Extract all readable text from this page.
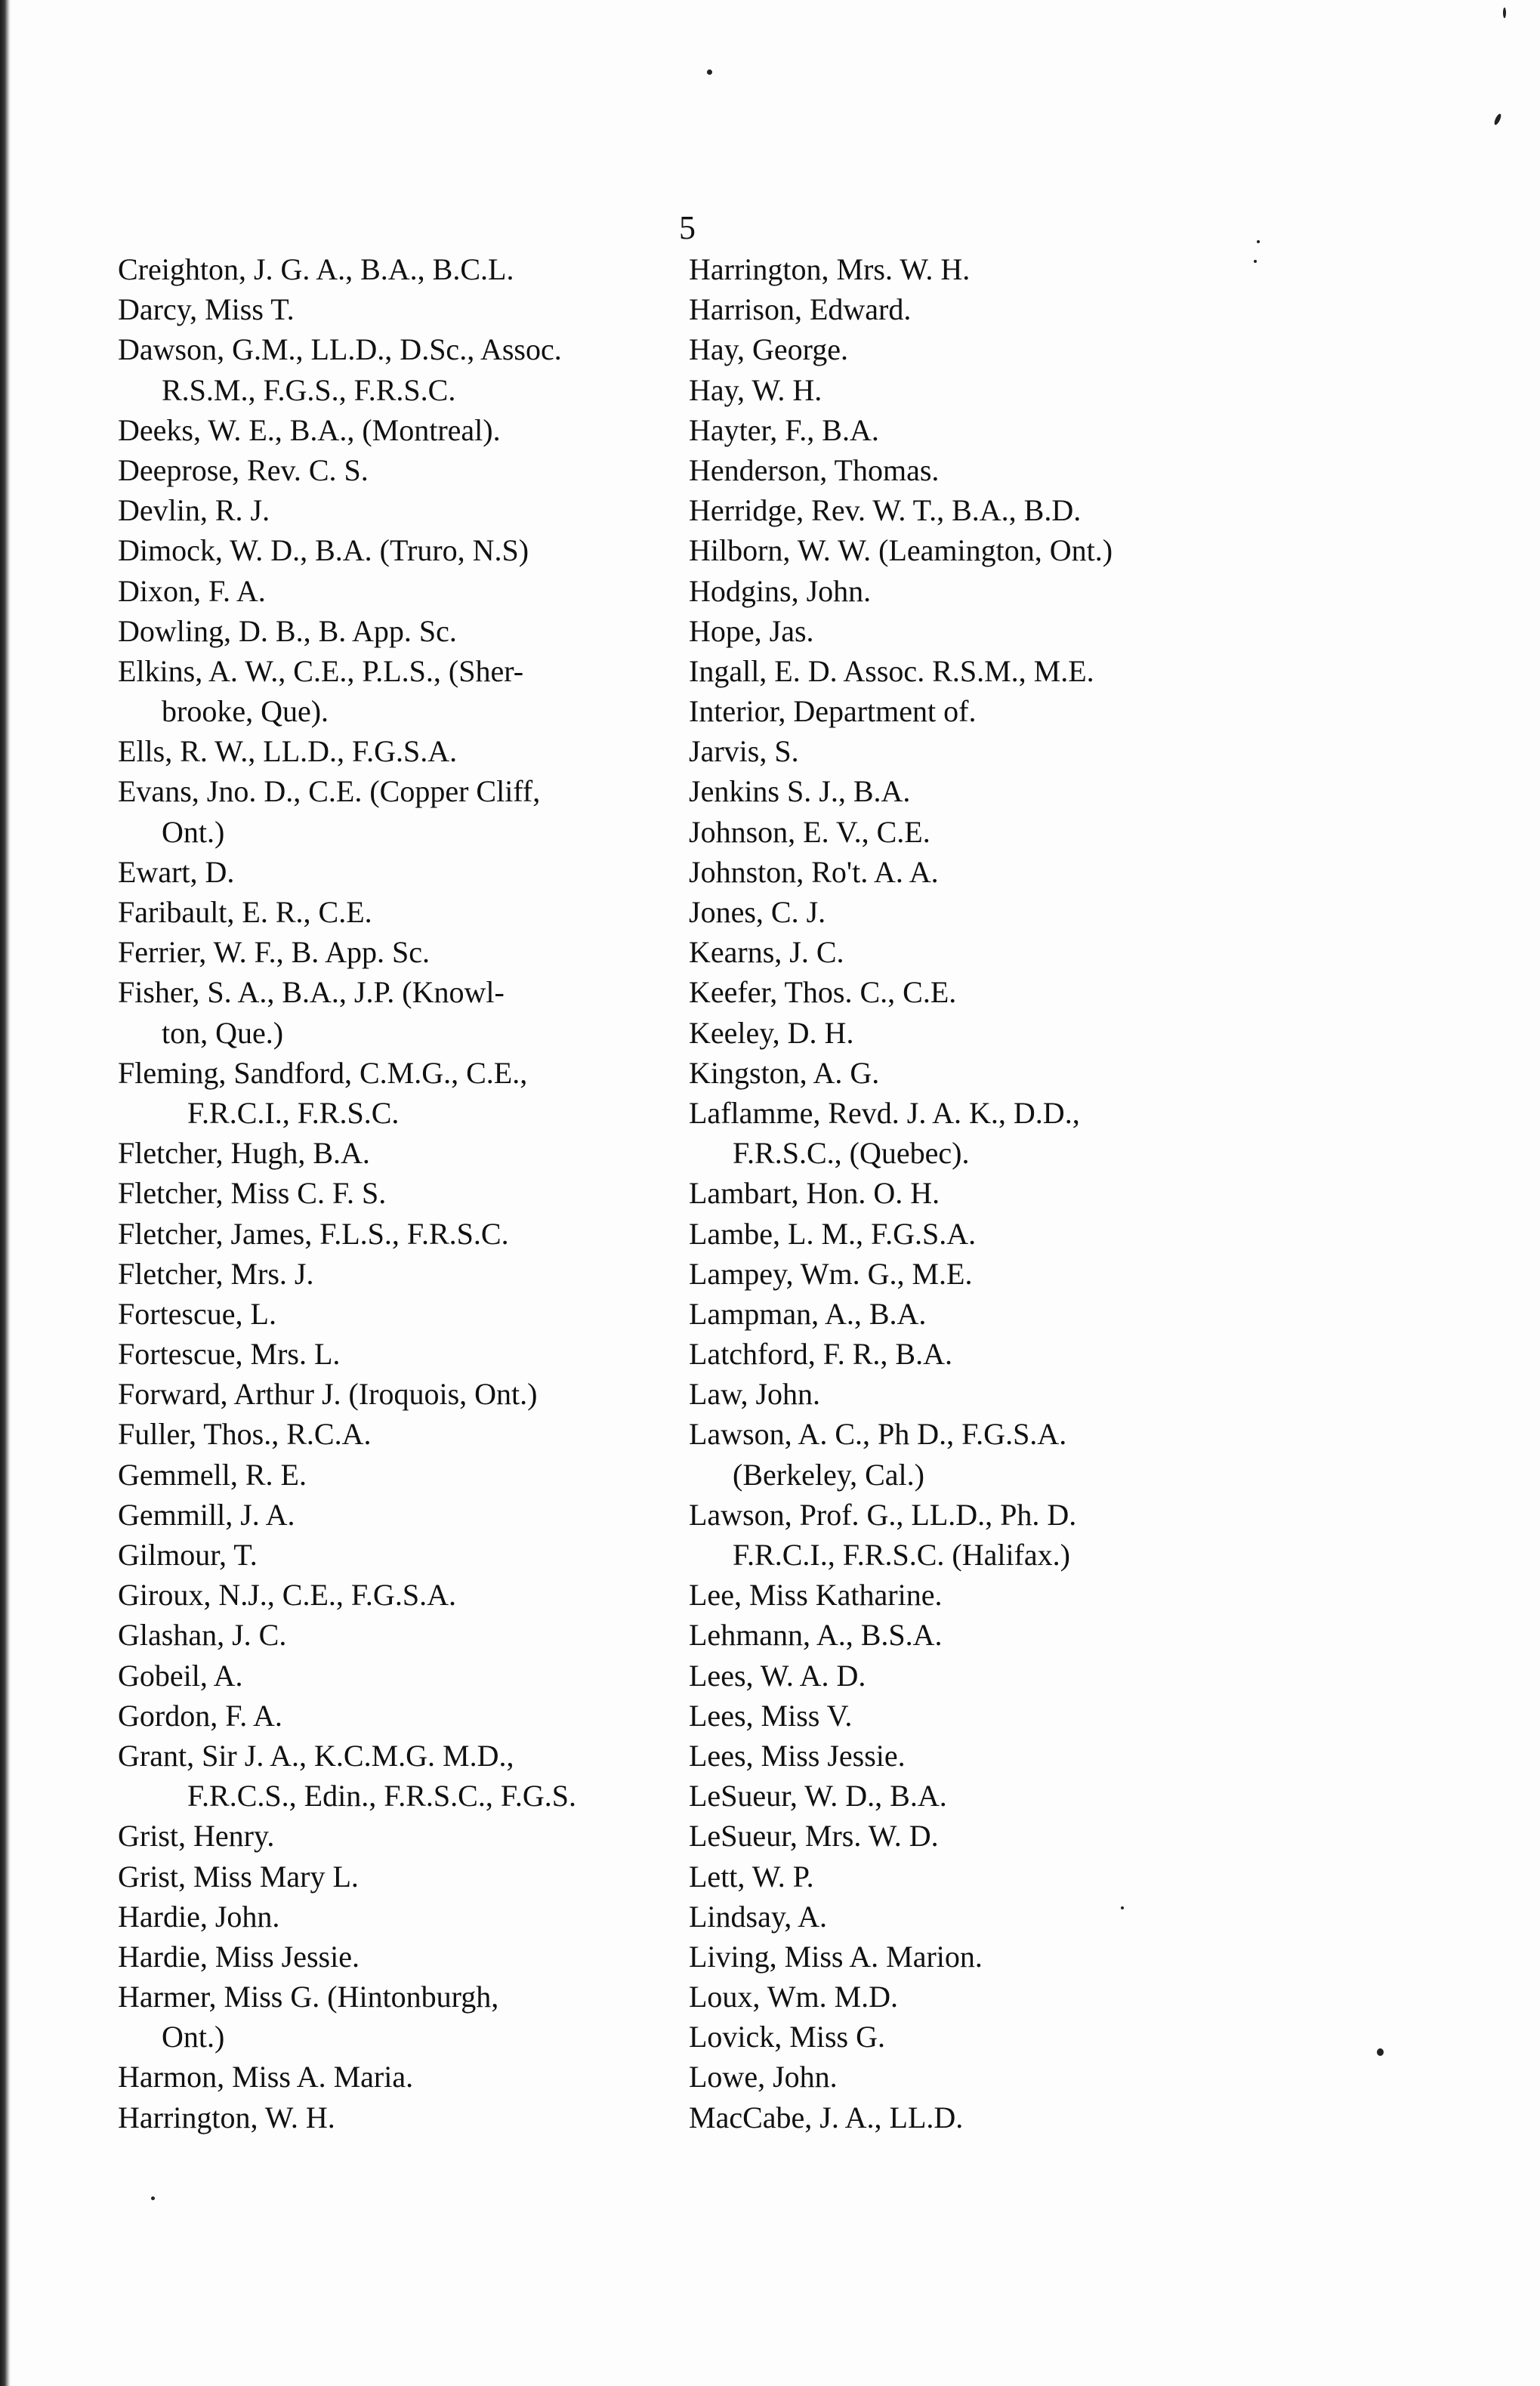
5
Creighton, J. G. A., B.A., B.C.L.
Darcy, Miss T.
Dawson, G.M., LL.D., D.Sc., Assoc.
R.S.M., F.G.S., F.R.S.C.
Deeks, W. E., B.A., (Montreal).
Deeprose, Rev. C. S.
Devlin, R. J.
Dimock, W. D., B.A. (Truro, N.S)
Dixon, F. A.
Dowling, D. B., B. App. Sc.
Elkins, A. W., C.E., P.L.S., (Sher-
brooke, Que).
Ells, R. W., LL.D., F.G.S.A.
Evans, Jno. D., C.E. (Copper Cliff,
Ont.)
Ewart, D.
Faribault, E. R., C.E.
Ferrier, W. F., B. App. Sc.
Fisher, S. A., B.A., J.P. (Knowl-
ton, Que.)
Fleming, Sandford, C.M.G., C.E.,
F.R.C.I., F.R.S.C.
Fletcher, Hugh, B.A.
Fletcher, Miss C. F. S.
Fletcher, James, F.L.S., F.R.S.C.
Fletcher, Mrs. J.
Fortescue, L.
Fortescue, Mrs. L.
Forward, Arthur J. (Iroquois, Ont.)
Fuller, Thos., R.C.A.
Gemmell, R. E.
Gemmill, J. A.
Gilmour, T.
Giroux, N.J., C.E., F.G.S.A.
Glashan, J. C.
Gobeil, A.
Gordon, F. A.
Grant, Sir J. A., K.C.M.G. M.D.,
F.R.C.S., Edin., F.R.S.C., F.G.S.
Grist, Henry.
Grist, Miss Mary L.
Hardie, John.
Hardie, Miss Jessie.
Harmer, Miss G. (Hintonburgh,
Ont.)
Harmon, Miss A. Maria.
Harrington, W. H.
Harrington, Mrs. W. H.
Harrison, Edward.
Hay, George.
Hay, W. H.
Hayter, F., B.A.
Henderson, Thomas.
Herridge, Rev. W. T., B.A., B.D.
Hilborn, W. W. (Leamington, Ont.)
Hodgins, John.
Hope, Jas.
Ingall, E. D. Assoc. R.S.M., M.E.
Interior, Department of.
Jarvis, S.
Jenkins S. J., B.A.
Johnson, E. V., C.E.
Johnston, Ro't. A. A.
Jones, C. J.
Kearns, J. C.
Keefer, Thos. C., C.E.
Keeley, D. H.
Kingston, A. G.
Laflamme, Revd. J. A. K., D.D.,
F.R.S.C., (Quebec).
Lambart, Hon. O. H.
Lambe, L. M., F.G.S.A.
Lampey, Wm. G., M.E.
Lampman, A., B.A.
Latchford, F. R., B.A.
Law, John.
Lawson, A. C., Ph D., F.G.S.A.
(Berkeley, Cal.)
Lawson, Prof. G., LL.D., Ph. D.
F.R.C.I., F.R.S.C. (Halifax.)
Lee, Miss Katharine.
Lehmann, A., B.S.A.
Lees, W. A. D.
Lees, Miss V.
Lees, Miss Jessie.
LeSueur, W. D., B.A.
LeSueur, Mrs. W. D.
Lett, W. P.
Lindsay, A.
Living, Miss A. Marion.
Loux, Wm. M.D.
Lovick, Miss G.
Lowe, John.
MacCabe, J. A., LL.D.
